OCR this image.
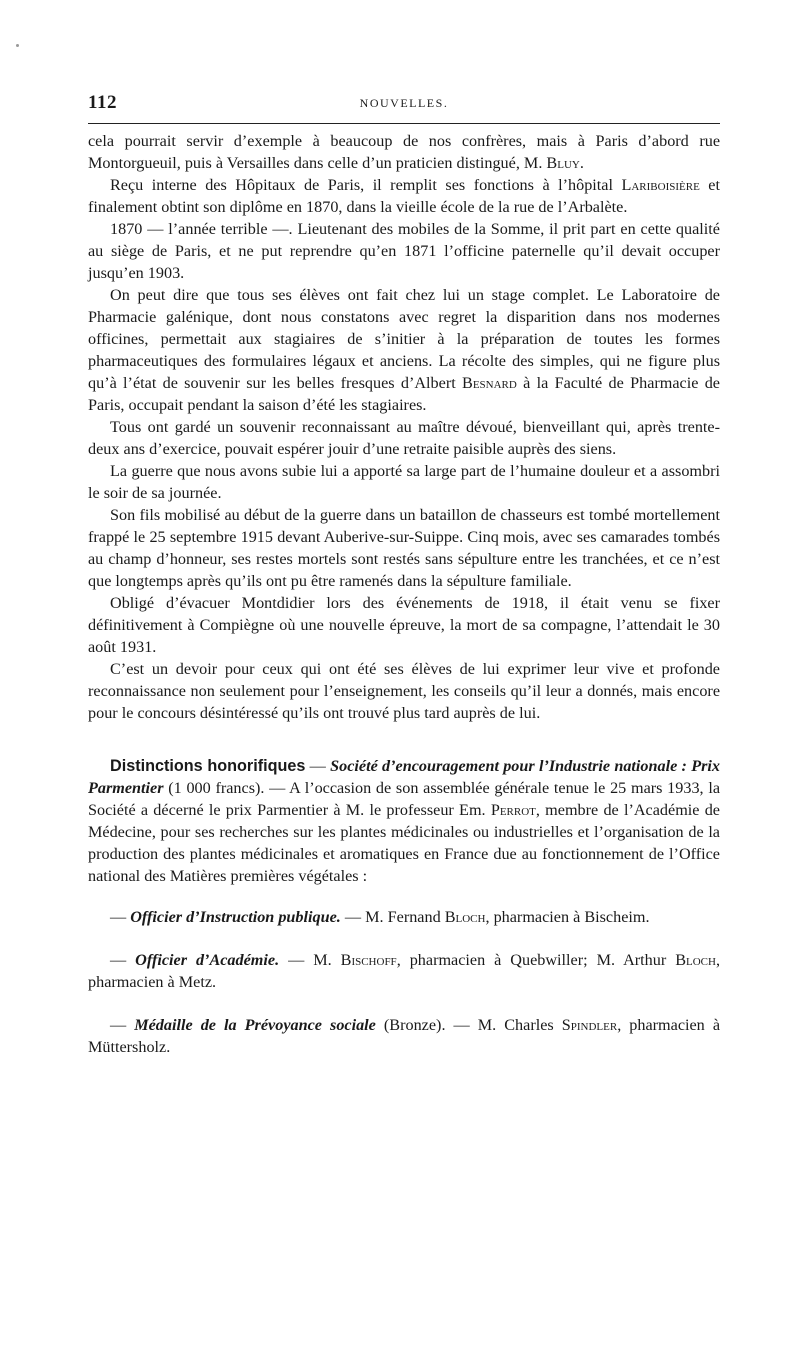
112	NOUVELLES.

cela pourrait servir d’exemple à beaucoup de nos confrères, mais à Paris d’abord rue Montorgueuil, puis à Versailles dans celle d’un praticien distingué, M. Bluy.

Reçu interne des Hôpitaux de Paris, il remplit ses fonctions à l’hôpital Lariboisière et finalement obtint son diplôme en 1870, dans la vieille école de la rue de l’Arbalète.

1870 — l’année terrible —. Lieutenant des mobiles de la Somme, il prit part en cette qualité au siège de Paris, et ne put reprendre qu’en 1871 l’officine paternelle qu’il devait occuper jusqu’en 1903.

On peut dire que tous ses élèves ont fait chez lui un stage complet. Le Laboratoire de Pharmacie galénique, dont nous constatons avec regret la disparition dans nos modernes officines, permettait aux stagiaires de s’initier à la préparation de toutes les formes pharmaceutiques des formulaires légaux et anciens. La récolte des simples, qui ne figure plus qu’à l’état de souvenir sur les belles fresques d’Albert Besnard à la Faculté de Pharmacie de Paris, occupait pendant la saison d’été les stagiaires.

Tous ont gardé un souvenir reconnaissant au maître dévoué, bienveillant qui, après trente-deux ans d’exercice, pouvait espérer jouir d’une retraite paisible auprès des siens.

La guerre que nous avons subie lui a apporté sa large part de l’humaine douleur et a assombri le soir de sa journée.

Son fils mobilisé au début de la guerre dans un bataillon de chasseurs est tombé mortellement frappé le 25 septembre 1915 devant Auberive-sur-Suippe. Cinq mois, avec ses camarades tombés au champ d’honneur, ses restes mortels sont restés sans sépulture entre les tranchées, et ce n’est que longtemps après qu’ils ont pu être ramenés dans la sépulture familiale.

Obligé d’évacuer Montdidier lors des événements de 1918, il était venu se fixer définitivement à Compiègne où une nouvelle épreuve, la mort de sa compagne, l’attendait le 30 août 1931.

C’est un devoir pour ceux qui ont été ses élèves de lui exprimer leur vive et profonde reconnaissance non seulement pour l’enseignement, les conseils qu’il leur a donnés, mais encore pour le concours désintéressé qu’ils ont trouvé plus tard auprès de lui.

Distinctions honorifiques — Société d’encouragement pour l’Industrie nationale : Prix Parmentier (1 000 francs). — A l’occasion de son assemblée générale tenue le 25 mars 1933, la Société a décerné le prix Parmentier à M. le professeur Em. Perrot, membre de l’Académie de Médecine, pour ses recherches sur les plantes médicinales ou industrielles et l’organisation de la production des plantes médicinales et aromatiques en France due au fonctionnement de l’Office national des Matières premières végétales :

— Officier d’Instruction publique. — M. Fernand Bloch, pharmacien à Bischeim.

— Officier d’Académie. — M. Bischoff, pharmacien à Quebwiller; M. Arthur Bloch, pharmacien à Metz.

— Médaille de la Prévoyance sociale (Bronze). — M. Charles Spindler, pharmacien à Müttersholz.
